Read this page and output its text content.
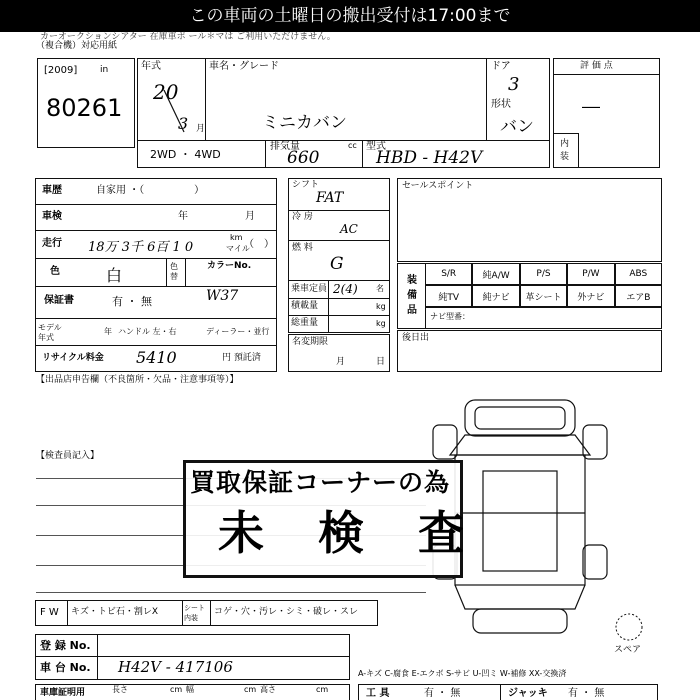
この車両の土曜日の搬出受付は17:00まで
カーオークションシアター 在庫車ポ ール＊マは ご利用いただけません。
（複合機）対応用紙
[2009]	in
80261
年式
20
3 月
車名・グレード
ミニカバン
ドア
3
形状
バン
2WD ・ 4WD
排気量
660
cc 型式
HBD - H42V
評 価 点
―
内装
車歴	自家用 ・（　　　　　）
車検	年	月
走行 18万 3千 6百 1 0
km
マイル
（　）
色	白	色替
カラーNo.
W37
保証書	有 ・ 無
モデル年式
年 ハンドル 左・右	ディーラー・並行
リサイクル料金 5410	円 預託済
シフト
FAT
冷 房
AC
燃 料
G
乗車定員 2(4) 名
積載量	kg
総重量	kg
名変期限
月	日
セールスポイント
装備品
ナビ型番：
後日出
【出品店申告欄（不良箇所・欠品・注意事項等）】
【検査員記入】
スペア
買取保証コーナーの為
未　検　査
F W キズ・トビ石・割レX	シート内装
コゲ・穴・汚レ・シミ・破レ・スレ
登 録 No.
車 台 No. H42V - 417106
車庫証明用	長さ	cm 幅	cm 高さ	cm
A-キズ C-腐食 E-エクボ S-サビ U-凹ミ W-補修 XX-交換済
工 具	有 ・ 無	ジャッキ 有 ・ 無
S/R	純A/W	P/S	P/W	ABS
純TV	純ナビ	革シート	外ナビ	エアB
